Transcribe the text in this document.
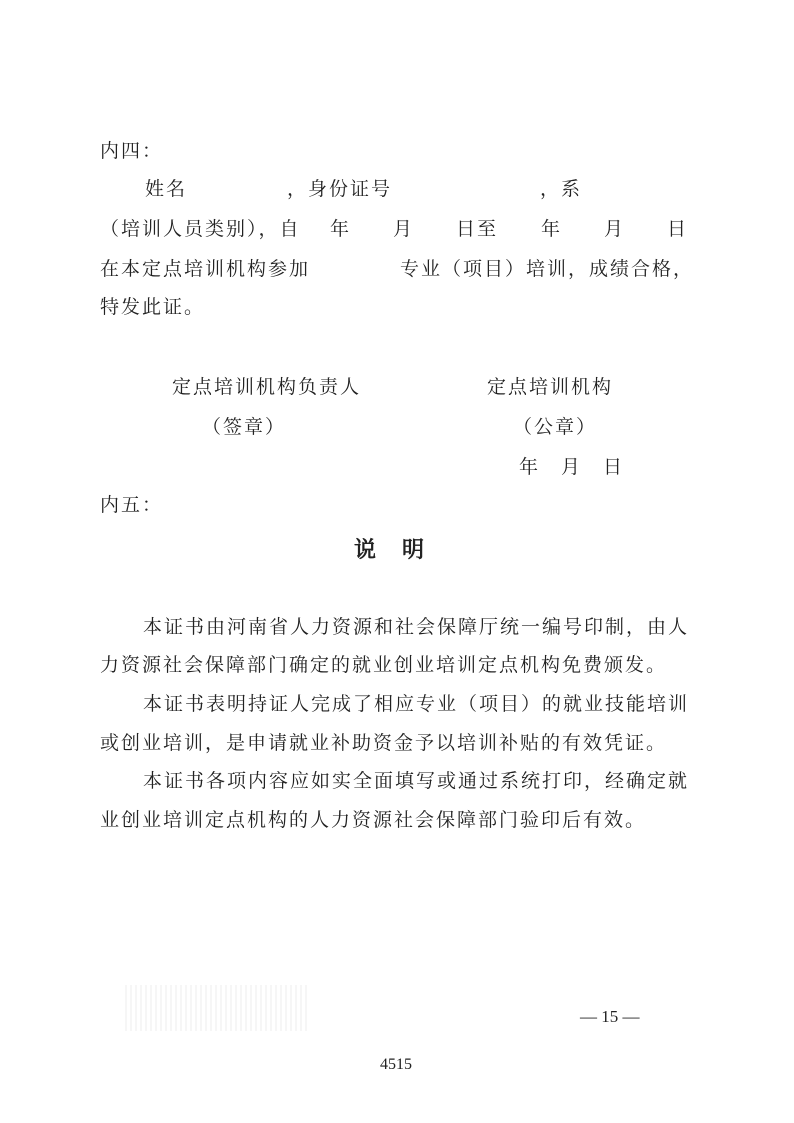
内四：
姓名	，身份证号	，系
（培训人员类别），自 年 月 日至 年 月 日
在本定点培训机构参加	专业（项目）培训，成绩合格，
特发此证。
定点培训机构负责人	定点培训机构
（签章）	（公章）
年 月 日
内五：
说　明
本证书由河南省人力资源和社会保障厅统一编号印制，由人
力资源社会保障部门确定的就业创业培训定点机构免费颁发。
本证书表明持证人完成了相应专业（项目）的就业技能培训
或创业培训，是申请就业补助资金予以培训补贴的有效凭证。
本证书各项内容应如实全面填写或通过系统打印，经确定就
业创业培训定点机构的人力资源社会保障部门验印后有效。
— 15 —
4515
